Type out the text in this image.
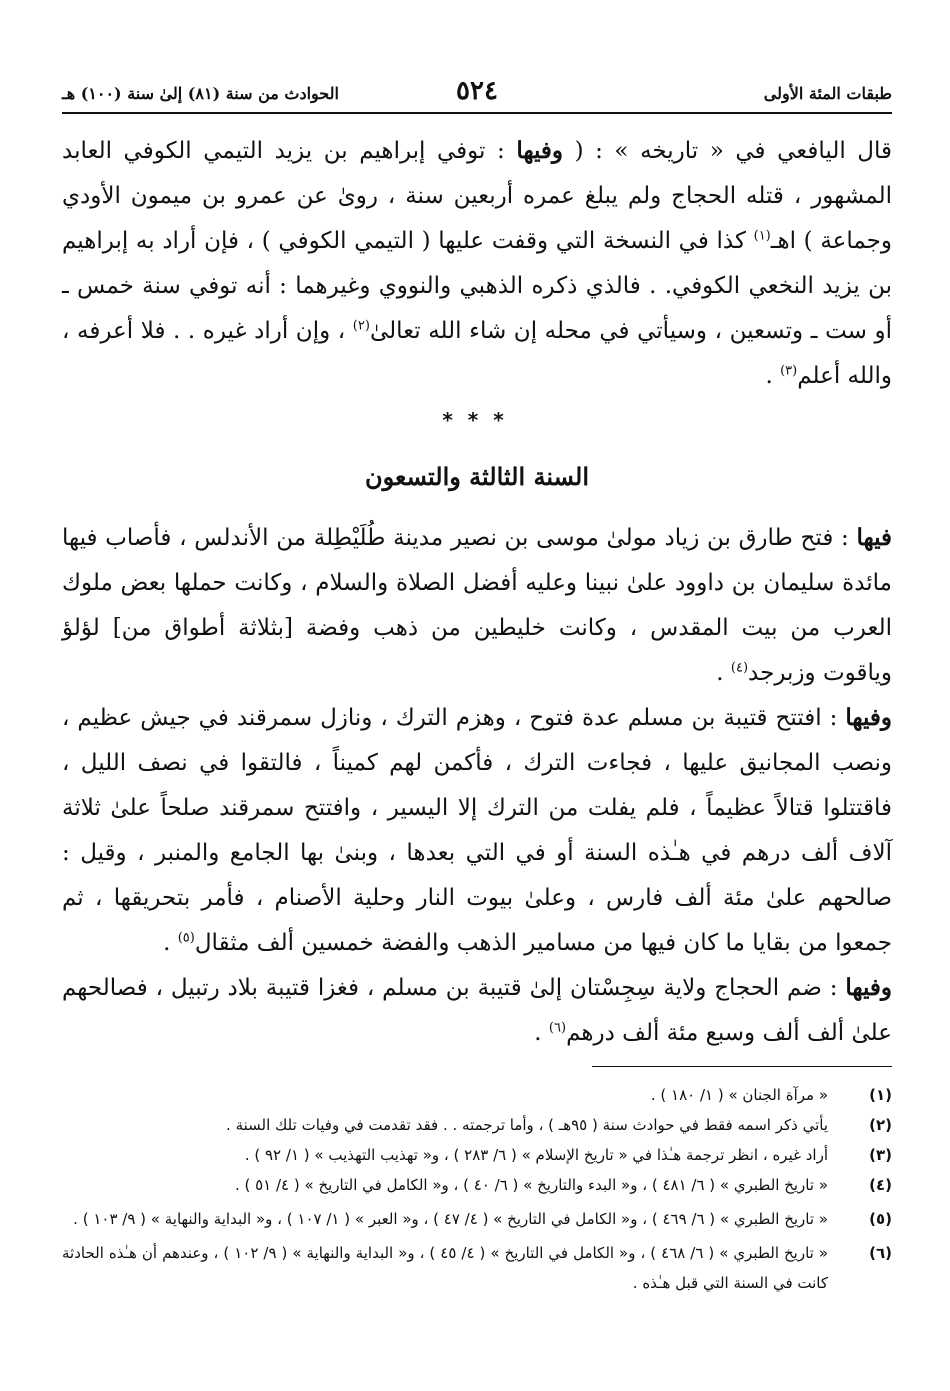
طبقات المئة الأولى
٥٢٤
الحوادث من سنة (٨١) إلىٰ سنة (١٠٠) هـ

قال اليافعي في « تاريخه » : ( وفيها : توفي إبراهيم بن يزيد التيمي الكوفي العابد المشهور ، قتله الحجاج ولم يبلغ عمره أربعين سنة ، رویٰ عن عمرو بن ميمون الأودي وجماعة ) اهـ$^{(١)}$ كذا في النسخة التي وقفت عليها ( التيمي الكوفي ) ، فإن أراد به إبراهيم بن يزيد النخعي الكوفي. . فالذي ذكره الذهبي والنووي وغيرهما : أنه توفي سنة خمس ـ أو ست ـ وتسعين ، وسيأتي في محله إن شاء الله تعالىٰ$^{(٢)}$ ، وإن أراد غيره . . فلا أعرفه ، والله أعلم$^{(٣)}$ .

* * *
السنة الثالثة والتسعون

فيها : فتح طارق بن زياد مولىٰ موسى بن نصير مدينة طُلَيْطِلة من الأندلس ، فأصاب فيها مائدة سليمان بن داوود علىٰ نبينا وعليه أفضل الصلاة والسلام ، وكانت حملها بعض ملوك العرب من بيت المقدس ، وكانت خليطين من ذهب وفضة [بثلاثة أطواق من] لؤلؤ وياقوت وزبرجد$^{(٤)}$ .

وفيها : افتتح قتيبة بن مسلم عدة فتوح ، وهزم الترك ، ونازل سمرقند في جيش عظيم ، ونصب المجانيق عليها ، فجاءت الترك ، فأكمن لهم كميناً ، فالتقوا في نصف الليل ، فاقتتلوا قتالاً عظيماً ، فلم يفلت من الترك إلا اليسير ، وافتتح سمرقند صلحاً علىٰ ثلاثة آلاف ألف درهم في هـٰذه السنة أو في التي بعدها ، وبنىٰ بها الجامع والمنبر ، وقيل : صالحهم علىٰ مئة ألف فارس ، وعلىٰ بيوت النار وحلية الأصنام ، فأمر بتحريقها ، ثم جمعوا من بقايا ما كان فيها من مسامير الذهب والفضة خمسين ألف مثقال$^{(٥)}$ .

وفيها : ضم الحجاج ولاية سِجِسْتان إلىٰ قتيبة بن مسلم ، فغزا قتيبة بلاد رتبيل ، فصالحهم علىٰ ألف ألف وسبع مئة ألف درهم$^{(٦)}$ .

(١)
« مرآة الجنان » ( ١/ ١٨٠ ) .
(٢)
يأتي ذكر اسمه فقط في حوادث سنة ( ٩٥هـ ) ، وأما ترجمته . . فقد تقدمت في وفيات تلك السنة .
(٣)
أراد غيره ، انظر ترجمة هـٰذا في « تاريخ الإسلام » ( ٦/ ٢٨٣ ) ، و« تهذيب التهذيب » ( ١/ ٩٢ ) .
(٤)
« تاريخ الطبري » ( ٦/ ٤٨١ ) ، و« البدء والتاريخ » ( ٦/ ٤٠ ) ، و« الكامل في التاريخ » ( ٤/ ٥١ ) .
(٥)
« تاريخ الطبري » ( ٦/ ٤٦٩ ) ، و« الكامل في التاريخ » ( ٤/ ٤٧ ) ، و« العبر » ( ١/ ١٠٧ ) ، و« البداية والنهاية » ( ٩/ ١٠٣ ) .
(٦)
« تاريخ الطبري » ( ٦/ ٤٦٨ ) ، و« الكامل في التاريخ » ( ٤/ ٤٥ ) ، و« البداية والنهاية » ( ٩/ ١٠٢ ) ، وعندهم أن هـٰذه الحادثة كانت في السنة التي قبل هـٰذه .
